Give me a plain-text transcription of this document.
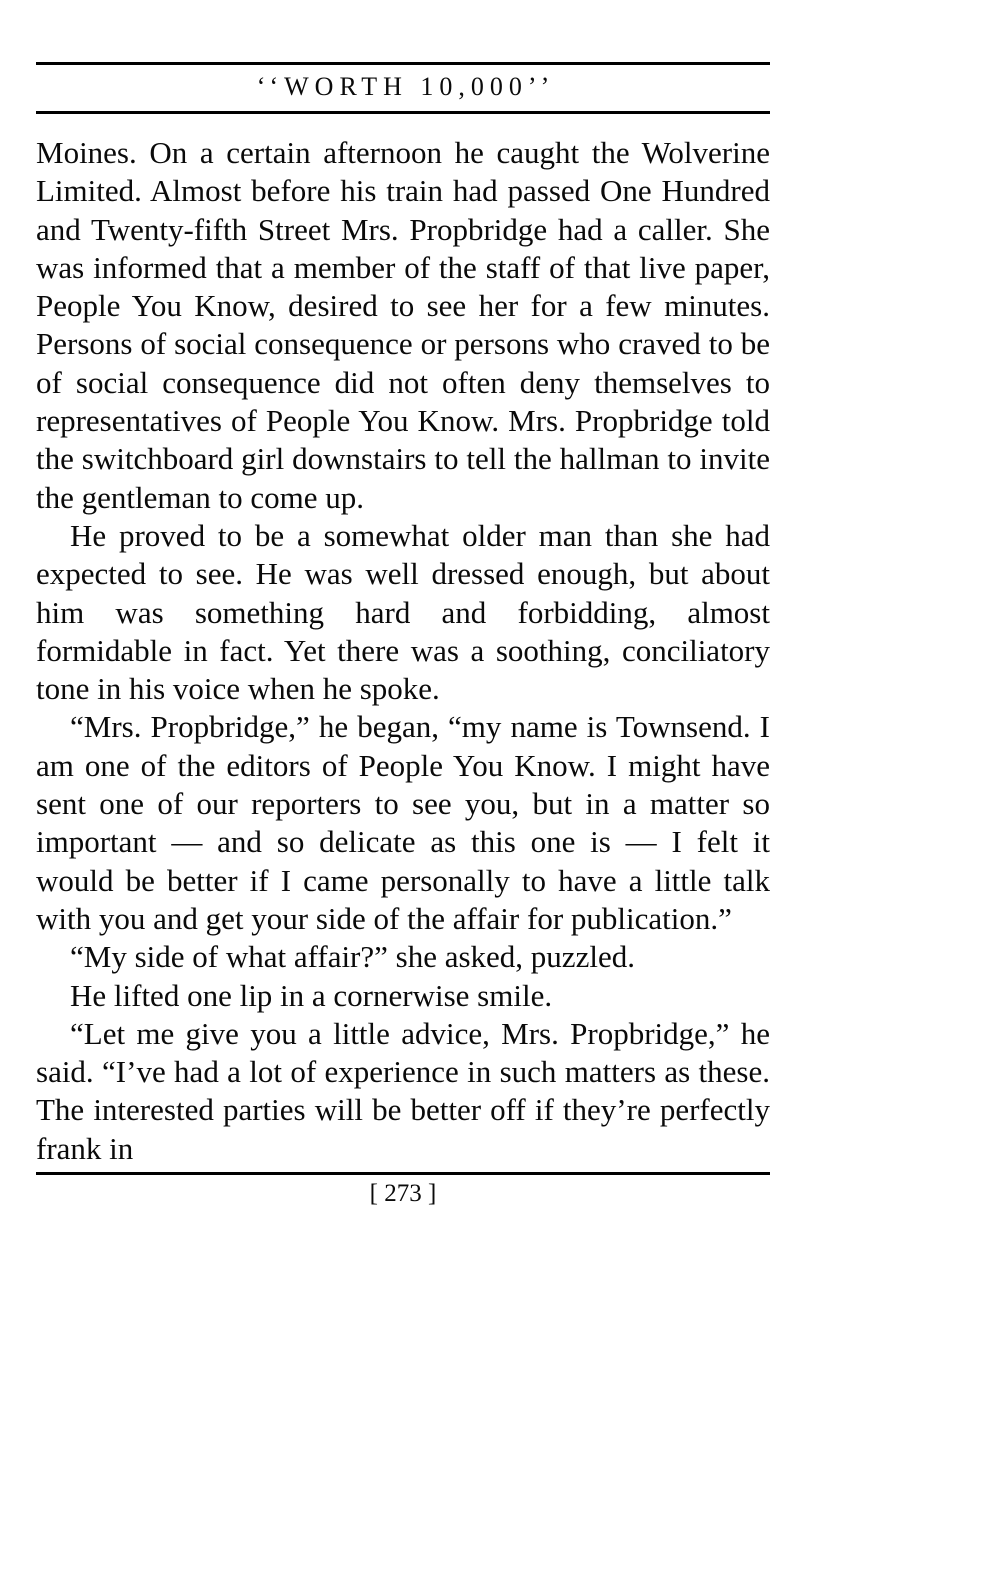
‘‘WORTH 10,000’’

Moines. On a certain afternoon he caught the Wolverine Limited. Almost before his train had passed One Hundred and Twenty-fifth Street Mrs. Propbridge had a caller. She was informed that a member of the staff of that live paper, People You Know, desired to see her for a few minutes. Persons of social consequence or persons who craved to be of social consequence did not often deny themselves to representatives of People You Know. Mrs. Propbridge told the switchboard girl downstairs to tell the hallman to invite the gentleman to come up.

He proved to be a somewhat older man than she had expected to see. He was well dressed enough, but about him was something hard and forbidding, almost formidable in fact. Yet there was a soothing, conciliatory tone in his voice when he spoke.

“Mrs. Propbridge,” he began, “my name is Townsend. I am one of the editors of People You Know. I might have sent one of our reporters to see you, but in a matter so important — and so delicate as this one is — I felt it would be better if I came personally to have a little talk with you and get your side of the affair for publication.”

“My side of what affair?” she asked, puzzled.

He lifted one lip in a cornerwise smile.

“Let me give you a little advice, Mrs. Propbridge,” he said. “I’ve had a lot of experience in such matters as these. The interested parties will be better off if they’re perfectly frank in

[ 273 ]
